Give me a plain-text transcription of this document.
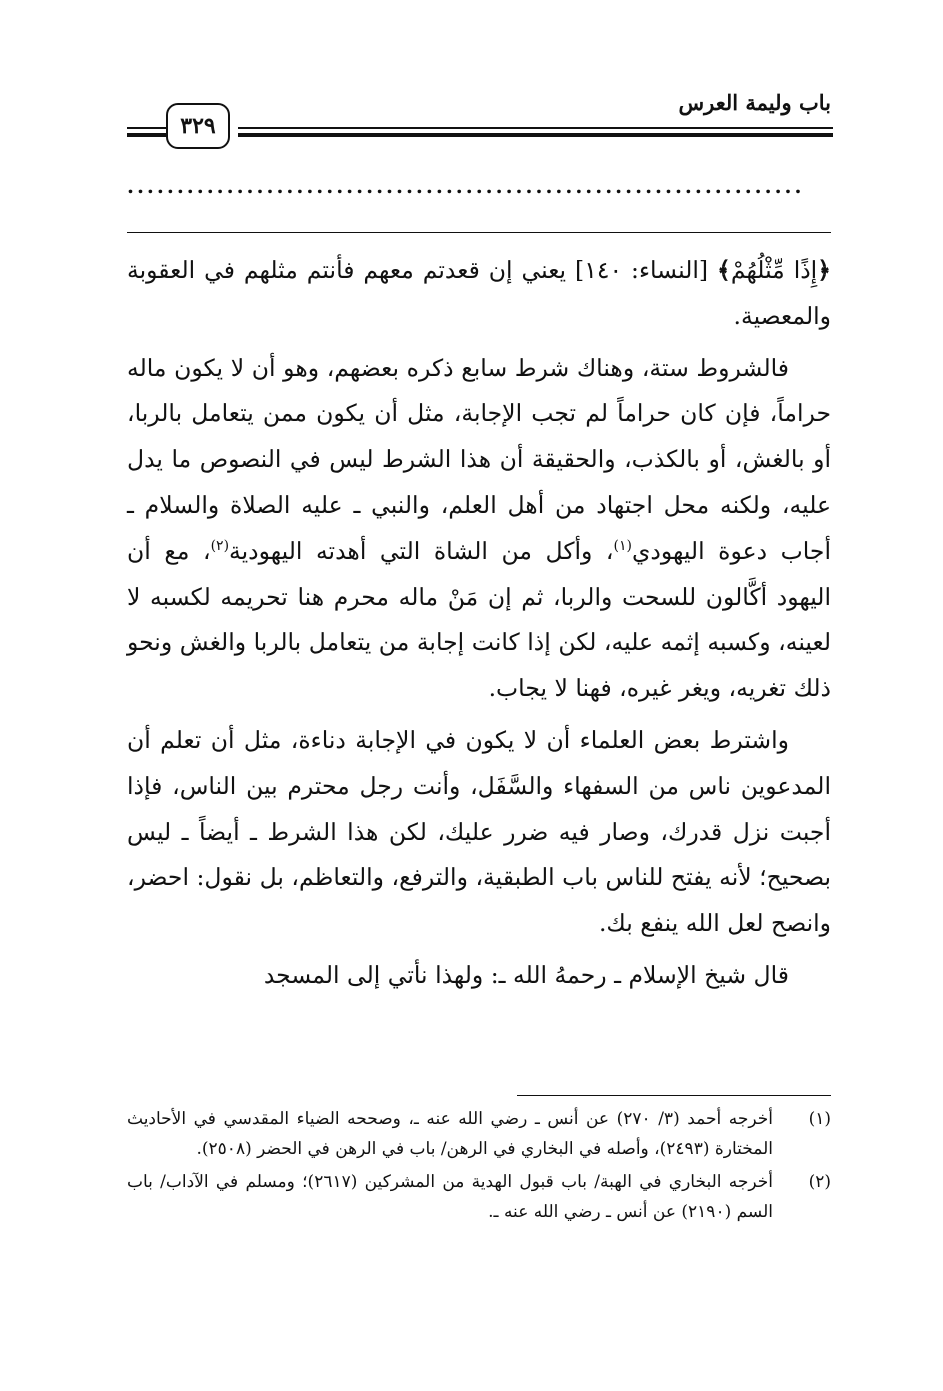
باب وليمة العرس
٣٢٩
....................................................................

﴿إِذًا مِّثْلُهُمْ﴾ [النساء: ١٤٠] يعني إن قعدتم معهم فأنتم مثلهم في العقوبة والمعصية.

فالشروط ستة، وهناك شرط سابع ذكره بعضهم، وهو أن لا يكون ماله حراماً، فإن كان حراماً لم تجب الإجابة، مثل أن يكون ممن يتعامل بالربا، أو بالغش، أو بالكذب، والحقيقة أن هذا الشرط ليس في النصوص ما يدل عليه، ولكنه محل اجتهاد من أهل العلم، والنبي ـ عليه الصلاة والسلام ـ أجاب دعوة اليهودي$^{(١)}$، وأكل من الشاة التي أهدته اليهودية$^{(٢)}$، مع أن اليهود أكَّالون للسحت والربا، ثم إن مَنْ ماله محرم هنا تحريمه لكسبه لا لعينه، وكسبه إثمه عليه، لكن إذا كانت إجابة من يتعامل بالربا والغش ونحو ذلك تغريه، ويغر غيره، فهنا لا يجاب.

واشترط بعض العلماء أن لا يكون في الإجابة دناءة، مثل أن تعلم أن المدعوين ناس من السفهاء والسَّفَل، وأنت رجل محترم بين الناس، فإذا أجبت نزل قدرك، وصار فيه ضرر عليك، لكن هذا الشرط ـ أيضاً ـ ليس بصحيح؛ لأنه يفتح للناس باب الطبقية، والترفع، والتعاظم، بل نقول: احضر، وانصح لعل الله ينفع بك.

قال شيخ الإسلام ـ رحمهُ الله ـ: ولهذا نأتي إلى المسجد

(١)
أخرجه أحمد (٣/ ٢٧٠) عن أنس ـ رضي الله عنه ـ، وصححه الضياء المقدسي في الأحاديث المختارة (٢٤٩٣)، وأصله في البخاري في الرهن/ باب في الرهن في الحضر (٢٥٠٨).
(٢)
أخرجه البخاري في الهبة/ باب قبول الهدية من المشركين (٢٦١٧)؛ ومسلم في الآداب/ باب السم (٢١٩٠) عن أنس ـ رضي الله عنه ـ.
